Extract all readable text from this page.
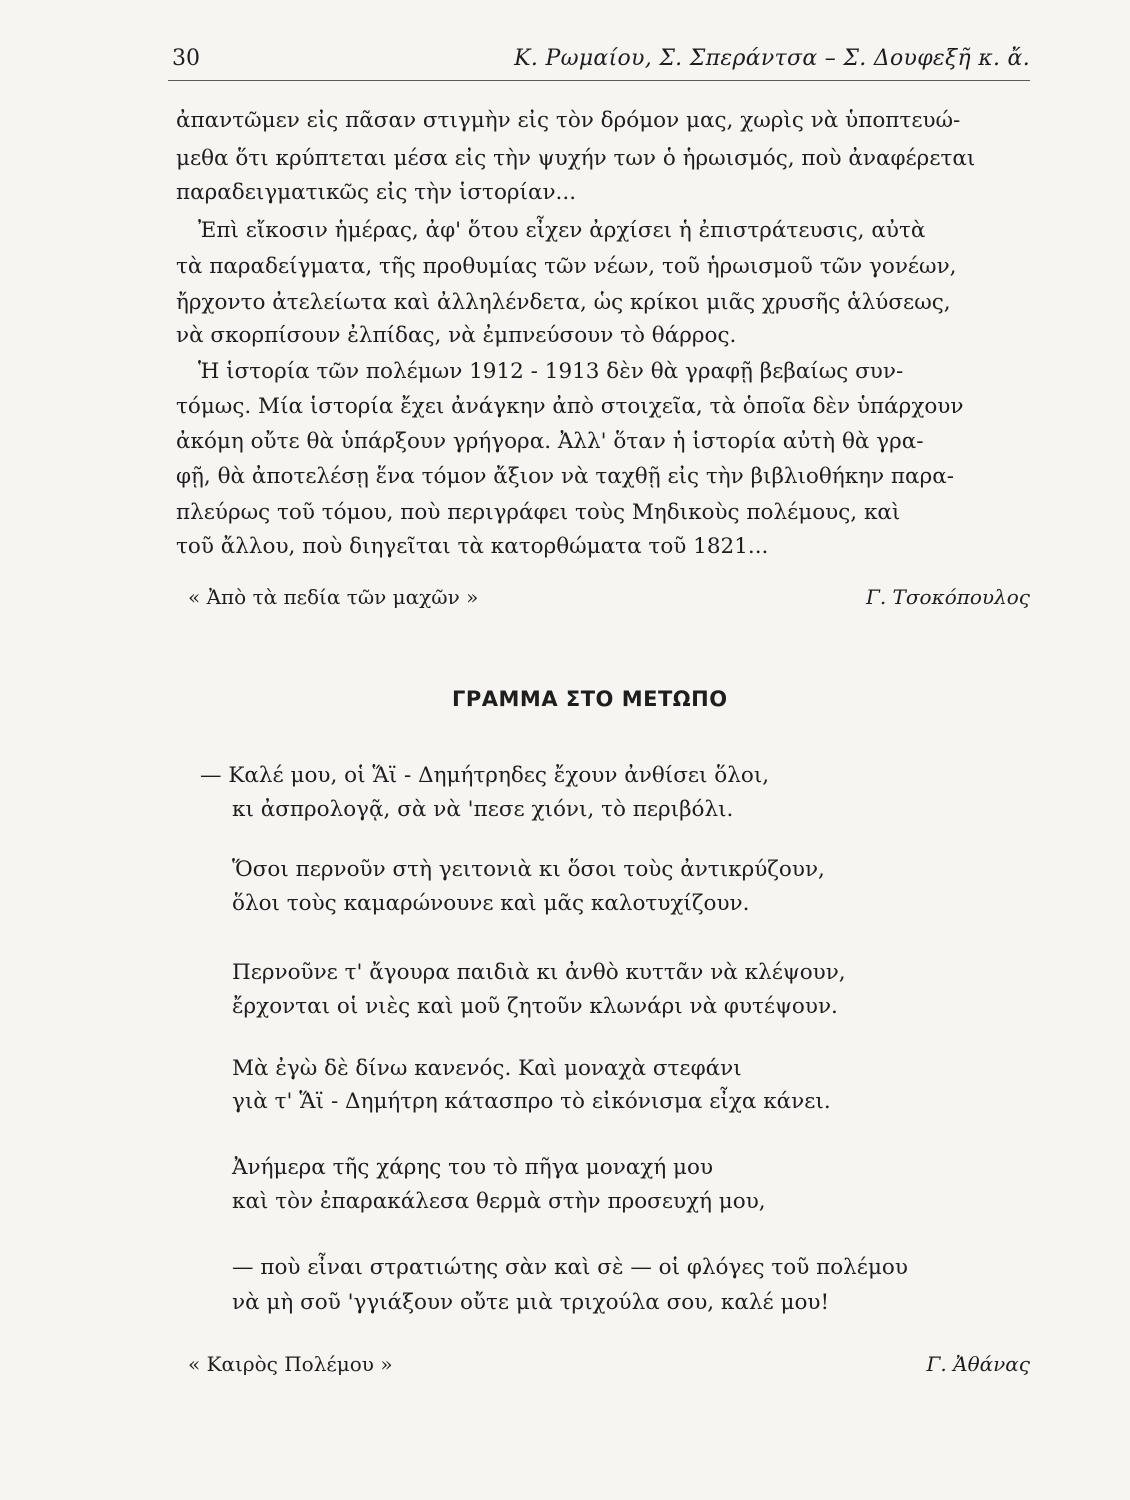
30	Κ. Ρωμαίου, Σ. Σπεράντσα – Σ. Δουφεξῆ κ. ἄ.
ἀπαντῶμεν εἰς πᾶσαν στιγμὴν εἰς τὸν δρόμον μας, χωρὶς νὰ ὑποπτευώ-
μεθα ὅτι κρύπτεται μέσα εἰς τὴν ψυχήν των ὁ ἡρωισμός, ποὺ ἀναφέρεται
παραδειγματικῶς εἰς τὴν ἱστορίαν...
Ἐπὶ εἴκοσιν ἡμέρας, ἀφ' ὅτου εἶχεν ἀρχίσει ἡ ἐπιστράτευσις, αὐτὰ
τὰ παραδείγματα, τῆς προθυμίας τῶν νέων, τοῦ ἡρωισμοῦ τῶν γονέων,
ἤρχοντο ἀτελείωτα καὶ ἀλληλένδετα, ὡς κρίκοι μιᾶς χρυσῆς ἁλύσεως,
νὰ σκορπίσουν ἐλπίδας, νὰ ἐμπνεύσουν τὸ θάρρος.
Ἡ ἱστορία τῶν πολέμων 1912 - 1913 δὲν θὰ γραφῇ βεβαίως συν-
τόμως. Μία ἱστορία ἔχει ἀνάγκην ἀπὸ στοιχεῖα, τὰ ὁποῖα δὲν ὑπάρχουν
ἀκόμη οὔτε θὰ ὑπάρξουν γρήγορα. Ἀλλ' ὅταν ἡ ἱστορία αὐτὴ θὰ γρα-
φῇ, θὰ ἀποτελέσῃ ἕνα τόμον ἄξιον νὰ ταχθῇ εἰς τὴν βιβλιοθήκην παρα-
πλεύρως τοῦ τόμου, ποὺ περιγράφει τοὺς Μηδικοὺς πολέμους, καὶ
τοῦ ἄλλου, ποὺ διηγεῖται τὰ κατορθώματα τοῦ 1821...
« Ἀπὸ τὰ πεδία τῶν μαχῶν »	Γ. Τσοκόπουλος
ΓΡΑΜΜΑ ΣΤΟ ΜΕΤΩΠΟ
— Καλέ μου, οἱ Ἅϊ - Δημήτρηδες ἔχουν ἀνθίσει ὅλοι,
κι ἀσπρολογᾷ, σὰ νὰ 'πεσε χιόνι, τὸ περιβόλι.
Ὅσοι περνοῦν στὴ γειτονιὰ κι ὅσοι τοὺς ἀντικρύζουν,
ὅλοι τοὺς καμαρώνουνε καὶ μᾶς καλοτυχίζουν.
Περνοῦνε τ' ἄγουρα παιδιὰ κι ἀνθὸ κυττᾶν νὰ κλέψουν,
ἔρχονται οἱ νιὲς καὶ μοῦ ζητοῦν κλωνάρι νὰ φυτέψουν.
Μὰ ἐγὼ δὲ δίνω κανενός. Καὶ μοναχὰ στεφάνι
γιὰ τ' Ἅϊ - Δημήτρη κάτασπρο τὸ εἰκόνισμα εἶχα κάνει.
Ἀνήμερα τῆς χάρης του τὸ πῆγα μοναχή μου
καὶ τὸν ἐπαρακάλεσα θερμὰ στὴν προσευχή μου,
— ποὺ εἶναι στρατιώτης σὰν καὶ σὲ — οἱ φλόγες τοῦ πολέμου
νὰ μὴ σοῦ 'γγιάξουν οὔτε μιὰ τριχούλα σου, καλέ μου!
« Καιρὸς Πολέμου »	Γ. Ἀθάνας
